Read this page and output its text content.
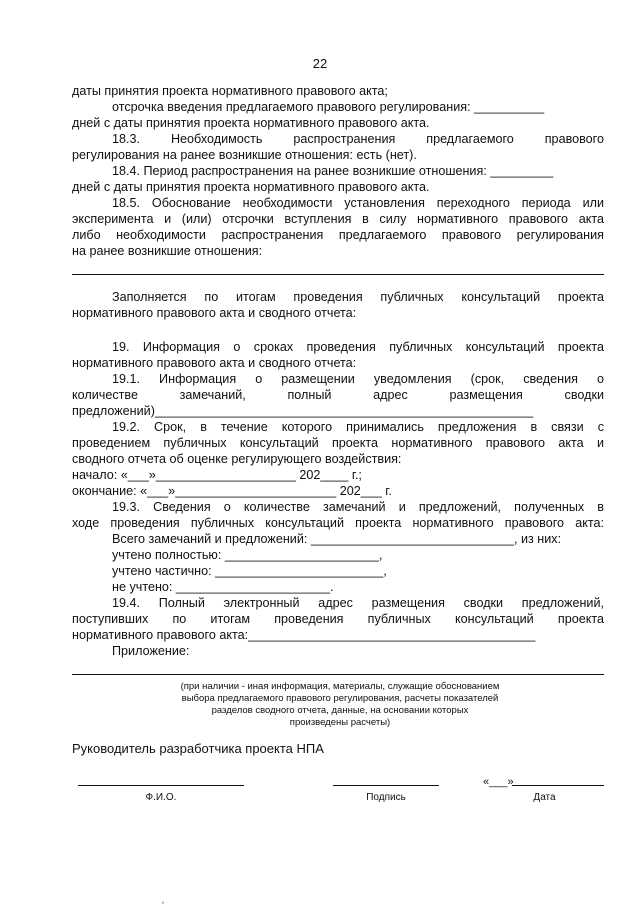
22

даты принятия проекта нормативного правового акта;

отсрочка введения предлагаемого правового регулирования: __________

дней с даты принятия проекта нормативного правового акта.

18.3. Необходимость распространения предлагаемого правового

регулирования на ранее возникшие отношения: есть (нет).

18.4. Период распространения на ранее возникшие отношения: _________

дней с даты принятия проекта нормативного правового акта.

18.5. Обоснование необходимости установления переходного периода или

эксперимента и (или) отсрочки вступления в силу нормативного правового акта

либо необходимости распространения предлагаемого правового регулирования

на ранее возникшие отношения:

Заполняется по итогам проведения публичных консультаций проекта

нормативного правового акта и сводного отчета:

19. Информация о сроках проведения публичных консультаций проекта

нормативного правового акта и сводного отчета:

19.1. Информация о размещении уведомления (срок, сведения о

количестве замечаний, полный адрес размещения сводки

предложений)______________________________________________________

19.2. Срок, в течение которого принимались предложения в связи с

проведением публичных консультаций проекта нормативного правового акта и

сводного отчета об оценке регулирующего воздействия:

начало: «___»____________________ 202____ г.;

окончание: «___»_______________________ 202___ г.

19.3. Сведения о количестве замечаний и предложений, полученных в

ходе проведения публичных консультаций проекта нормативного правового акта:

Всего замечаний и предложений: _____________________________, из них:

учтено полностью: ______________________,

учтено частично: ________________________,

не учтено: ______________________.

19.4. Полный электронный адрес размещения сводки предложений,

поступивших по итогам проведения публичных консультаций проекта

нормативного правового акта:_________________________________________

Приложение:

(при наличии - иная информация, материалы, служащие обоснованием
выбора предлагаемого правового регулирования, расчеты показателей
разделов сводного отчета, данные, на основании которых
произведены расчеты)
Руководитель разработчика проекта НПА
Ф.И.О.	Подпись
«___»
Дата
‘
